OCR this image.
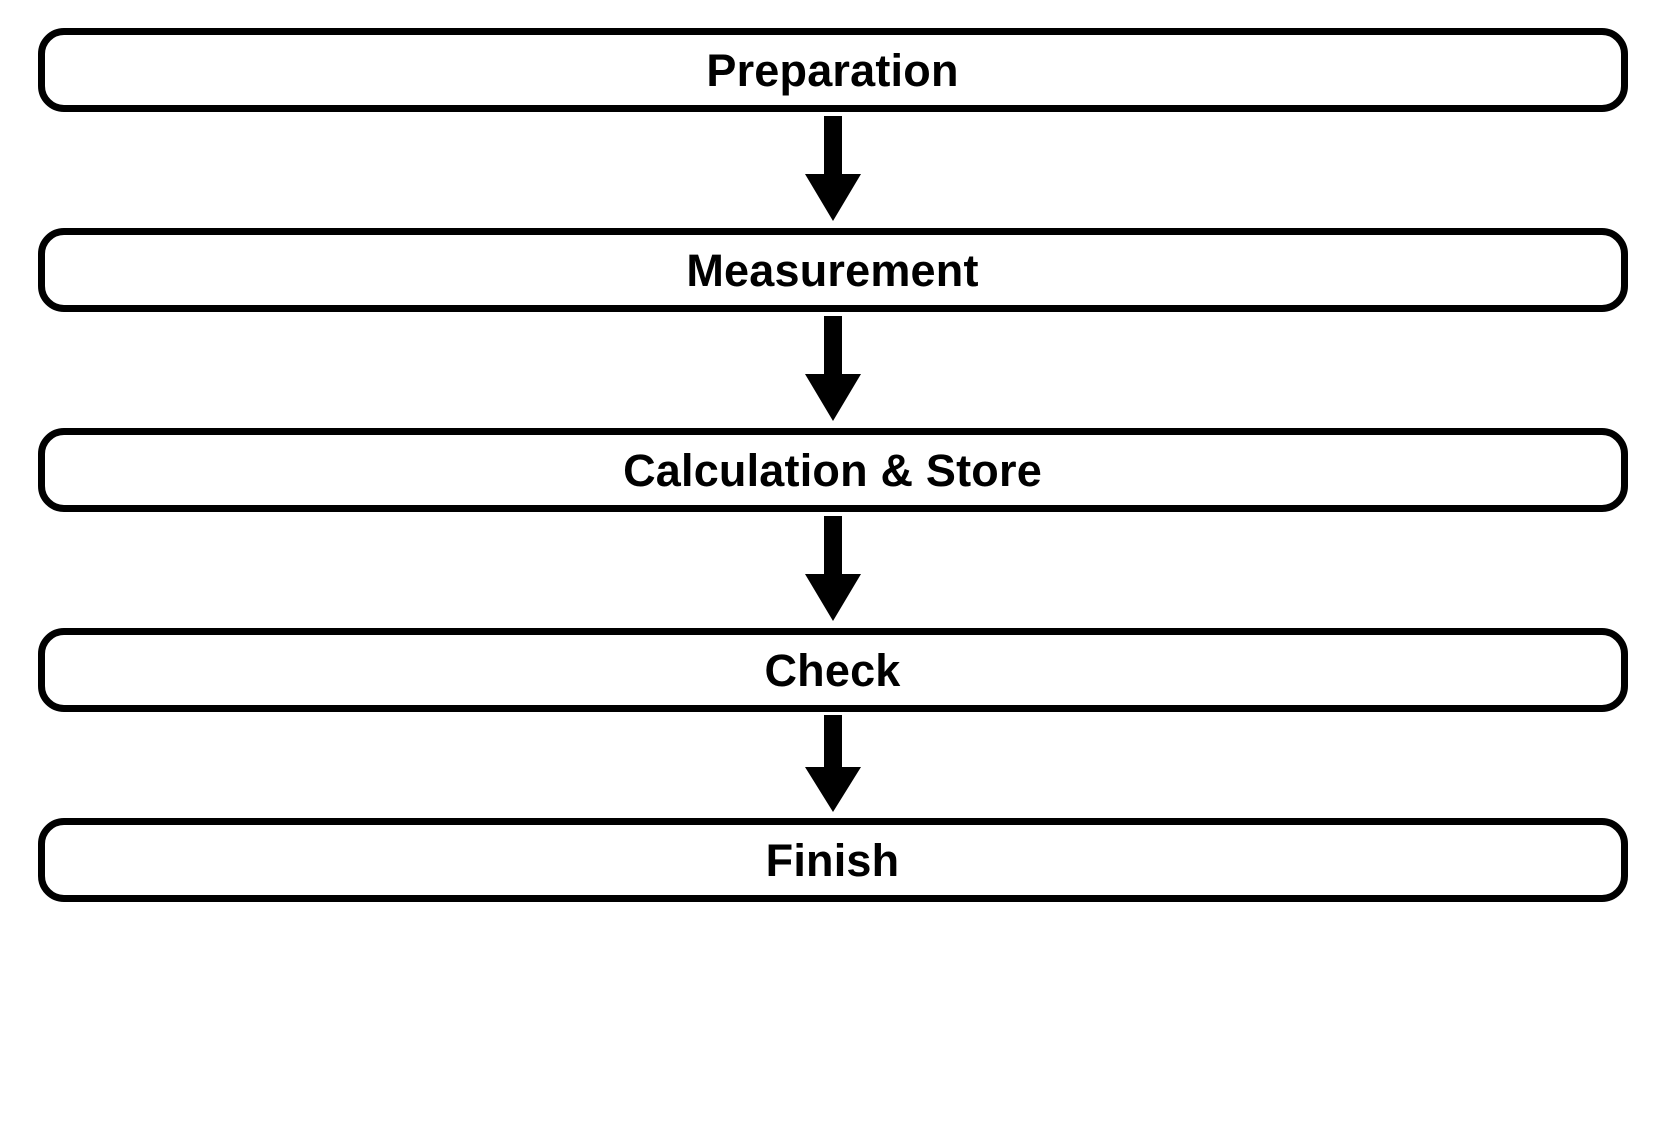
Preparation
Measurement
Calculation & Store
Check
Finish
